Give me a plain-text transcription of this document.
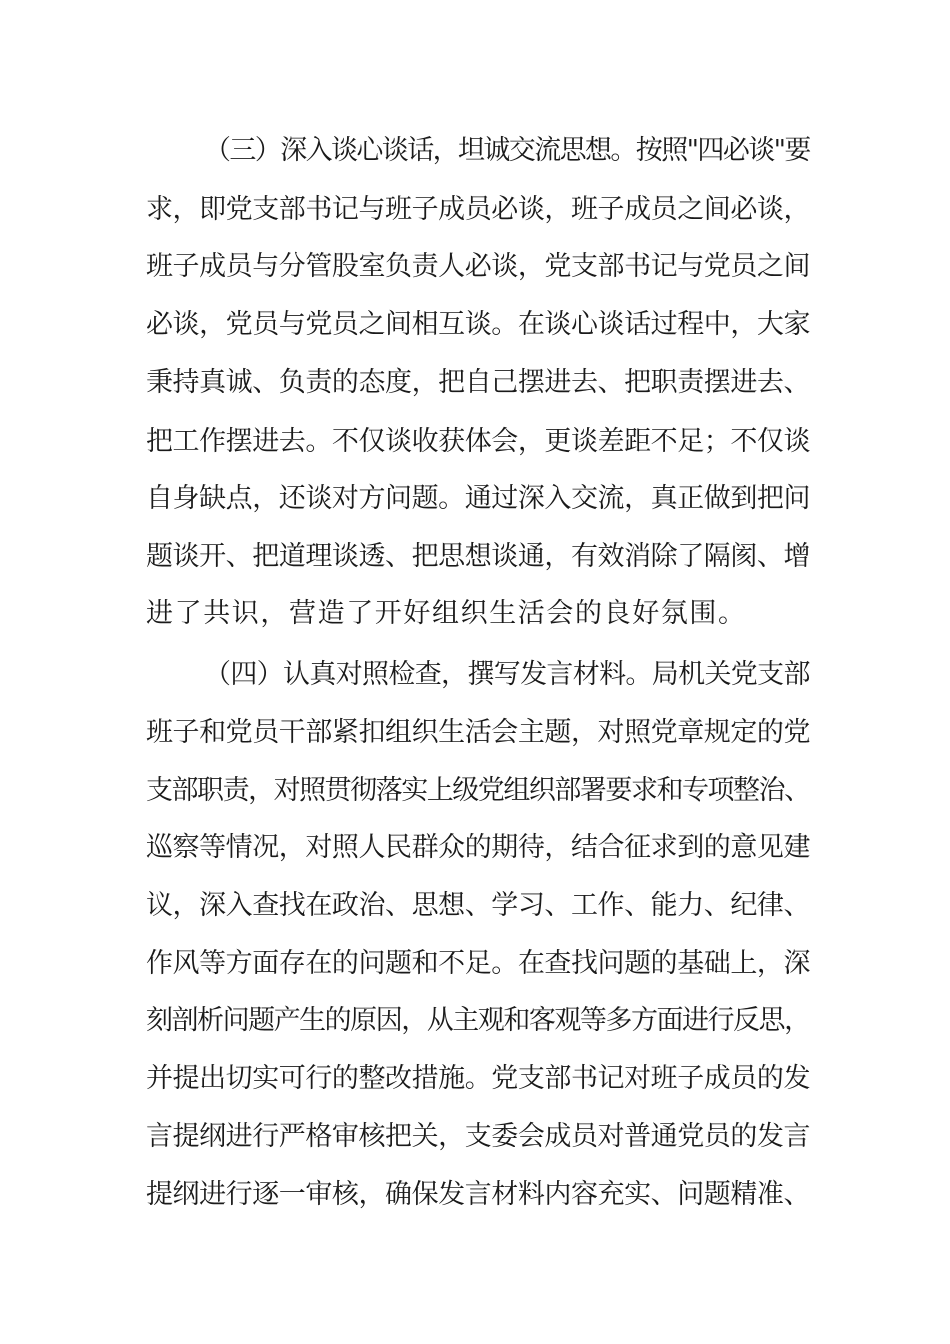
（三）深入谈心谈话，坦诚交流思想。按照"四必谈"要
求，即党支部书记与班子成员必谈，班子成员之间必谈，
班子成员与分管股室负责人必谈，党支部书记与党员之间
必谈，党员与党员之间相互谈。在谈心谈话过程中，大家
秉持真诚、负责的态度，把自己摆进去、把职责摆进去、
把工作摆进去。不仅谈收获体会，更谈差距不足；不仅谈
自身缺点，还谈对方问题。通过深入交流，真正做到把问
题谈开、把道理谈透、把思想谈通，有效消除了隔阂、增
进了共识，营造了开好组织生活会的良好氛围。
（四）认真对照检查，撰写发言材料。局机关党支部
班子和党员干部紧扣组织生活会主题，对照党章规定的党
支部职责，对照贯彻落实上级党组织部署要求和专项整治、
巡察等情况，对照人民群众的期待，结合征求到的意见建
议，深入查找在政治、思想、学习、工作、能力、纪律、
作风等方面存在的问题和不足。在查找问题的基础上，深
刻剖析问题产生的原因，从主观和客观等多方面进行反思，
并提出切实可行的整改措施。党支部书记对班子成员的发
言提纲进行严格审核把关，支委会成员对普通党员的发言
提纲进行逐一审核，确保发言材料内容充实、问题精准、
